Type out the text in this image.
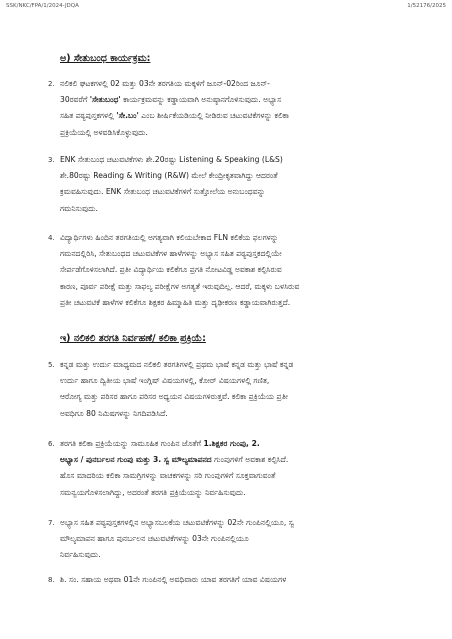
SSK/NKC/FPA/1/2024-JDQA	1/52176/2025
ಅ) ಸೇತುಬಂಧ ಕಾರ್ಯಕ್ರಮ:
2. ನಲಿಕಲಿ ಘಟಕಗಳಲ್ಲಿ 02 ಮತ್ತು 03ನೇ ತರಗತಿಯ ಮಕ್ಕಳಿಗೆ ಜೂನ್-02ರಿಂದ ಜೂನ್-
30ರವರೆಗೆ 'ಸೇತುಬಂಧ' ಕಾರ್ಯಕ್ರಮವನ್ನು ಕಡ್ಡಾಯವಾಗಿ ಅನುಷ್ಠಾನಗೊಳಿಸುವುದು. ಅಭ್ಯಾಸ
ಸಹಿತ ಪಠ್ಯಪುಸ್ತಕಗಳಲ್ಲಿ 'ಸೇ.ಬಂ' ಎಂಬ ಶೀರ್ಷಿಕೆಯಡಿಯಲ್ಲಿ ನೀಡಿರುವ ಚಟುವಟಿಕೆಗಳನ್ನು ಕಲಿಕಾ
ಪ್ರಕ್ರಿಯೆಯಲ್ಲಿ ಅಳವಡಿಸಿಕೊಳ್ಳುವುದು.
3. ENK ಸೇತುಬಂಧ ಚಟುವಟಿಕೆಗಳು ಶೇ.20ರಷ್ಟು Listening & Speaking (L&S)
ಶೇ.80ರಷ್ಟು Reading & Writing (R&W) ಮೇಲೆ ಕೇಂದ್ರೀಕೃತವಾಗಿದ್ದು ಆದರಂತೆ
ಕ್ರಮವಹಿಸುವುದು. ENK ಸೇತುಬಂಧ ಚಟುವಟಿಕೆಗಳಿಗೆ ಸುತ್ತೋಲೆಯ ಅನುಬಂಧವನ್ನು
ಗಮನಿಸುವುದು.
4. ವಿದ್ಯಾರ್ಥಿಗಳು ಹಿಂದಿನ ತರಗತಿಯಲ್ಲಿ ಅಗತ್ಯವಾಗಿ ಕಲಿಯಬೇಕಾದ FLN ಕಲಿಕೆಯ ಫಲಗಳನ್ನು
ಗಮನದಲ್ಲಿರಿಸಿ, ಸೇತುಬಂಧದ ಚಟುವಟಿಕೆಗಳ ಹಾಳೆಗಳನ್ನು ಅಭ್ಯಾಸ ಸಹಿತ ಪಠ್ಯಪುಸ್ತಕದಲ್ಲಿಯೇ
ಸೇರ್ಪಡೆಗೊಳಿಸಲಾಗಿದೆ. ಪ್ರತೀ ವಿದ್ಯಾರ್ಥಿಯ ಕಲಿಕೆಗೂ ಪ್ರಗತಿ ನೋಟವಿಡ್ಡ ಅವಕಾಶ ಕಲ್ಪಿಸಿರುವ
ಕಾರಣ, ಪೂರ್ವ ಪರೀಕ್ಷೆ ಮತ್ತು ಸಾಫಲ್ಯ ಪರೀಕ್ಷೆಗಳ ಅಗತ್ಯತೆ ಇರುವುದಿಲ್ಲ. ಆದರೆ, ಮಕ್ಕಳು ಬಳಸಿರುವ
ಪ್ರತೀ ಚಟುವಟಿಕೆ ಹಾಳೆಗಳ ಕಲಿಕೆಗೂ ಶಿಕ್ಷಕರ ಹಿಮ್ಮಾಹಿತಿ ಮತ್ತು ದೃಢೀಕರಣ ಕಡ್ಡಾಯವಾಗಿರುತ್ತದೆ.
ಇ) ನಲಿಕಲಿ ತರಗತಿ ನಿರ್ವಹಣೆ/ ಕಲಿಕಾ ಪ್ರಕ್ರಿಯೆ:
5. ಕನ್ನಡ ಮತ್ತು ಉರ್ದು ಮಾಧ್ಯಮದ ನಲಿಕಲಿ ತರಗತಿಗಳಲ್ಲಿ ಪ್ರಥಮ ಭಾಷೆ ಕನ್ನಡ ಮತ್ತು ಭಾಷೆ ಕನ್ನಡ
ಉರ್ದು ಹಾಗೂ ದ್ವಿತೀಯ ಭಾಷೆ ಇಂಗ್ಲಿಷ್ ವಿಷಯಗಳಲ್ಲಿ, ಕೋರ್ ವಿಷಯಗಳಲ್ಲಿ ಗಣಿತ,
ಆರೋಗ್ಯ ಮತ್ತು ಪರಿಸರ ಹಾಗೂ ಪರಿಸರ ಅಧ್ಯಯನ ವಿಷಯಗಳಿರುತ್ತವೆ. ಕಲಿಕಾ ಪ್ರಕ್ರಿಯೆಯ ಪ್ರತೀ
ಅವಧಿಗೂ 80 ನಿಮಿಷಗಳನ್ನು ನಿಗದಿಪಡಿಸಿದೆ.
6. ತರಗತಿ ಕಲಿಕಾ ಪ್ರಕ್ರಿಯೆಯನ್ನು ಸಾಮೂಹಿಕ ಗುಂಪಿನ ಜೊತೆಗೆ 1.ಶಿಕ್ಷಕರ ಗುಂಪು, 2.
ಅಭ್ಯಾಸ / ಪುನರ್ಬಲನ ಗುಂಪು ಮತ್ತು 3. ಸ್ವ ಮೌಲ್ಯಮಾಪನದ ಗುಂಪುಗಳಿಗೆ ಅವಕಾಶ ಕಲ್ಪಿಸಿದೆ.
ಹೊಸ ಮಾದರಿಯ ಕಲಿಕಾ ಸಾಮಗ್ರಿಗಳನ್ನು ವಾಚಕಗಳನ್ನು ಸರಿ ಗುಂಪುಗಳಿಗೆ ಸೂಕ್ತವಾಗುವಂತೆ
ಸಮನ್ವಯಗೊಳಿಸಲಾಗಿದ್ದು, ಅದರಂತೆ ತರಗತಿ ಪ್ರಕ್ರಿಯೆಯನ್ನು ನಿರ್ವಹಿಸುವುದು.
7. ಅಭ್ಯಾಸ ಸಹಿತ ಪಠ್ಯಪುಸ್ತಕಗಳಲ್ಲಿನ ಅಭ್ಯಾಸಬಲಕೆಯ ಚಟುವಟಿಕೆಗಳನ್ನು 02ನೇ ಗುಂಪಿನಲ್ಲಿಯೂ, ಸ್ವ
ಮೌಲ್ಯಮಾಪನ ಹಾಗೂ ಪುನರ್ಬಲನ ಚಟುವಟಿಕೆಗಳನ್ನು 03ನೇ ಗುಂಪಿನಲ್ಲಿಯೂ
ನಿರ್ವಹಿಸುವುದು.
8. ಶಿ. ಸಂ. ಸಹಾಯ ಅಥವಾ 01ನೇ ಗುಂಪಿನಲ್ಲಿ ಅವಧಿವಾರು ಯಾವ ತರಗತಿಗೆ ಯಾವ ವಿಷಯಗಳ
